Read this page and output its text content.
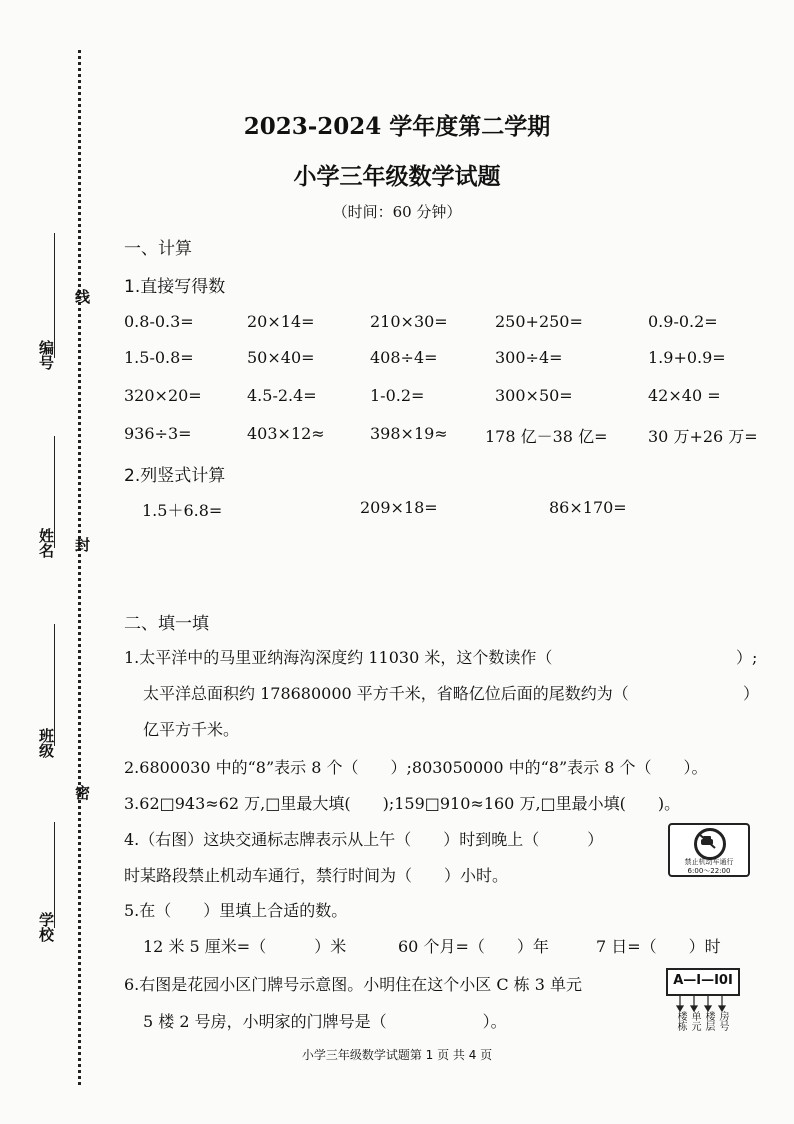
编号
姓名
班级
学校
线
封
密
2023-2024 学年度第二学期
小学三年级数学试题
（时间：60 分钟）
一、计算
1.直接写得数
0.8-0.3=	20×14=	210×30=	250+250=	0.9-0.2=
1.5-0.8=	50×40=	408÷4=	300÷4=	1.9+0.9=
320×20=	4.5-2.4=	1-0.2=	300×50=	42×40 =
936÷3=	403×12≈	398×19≈ 178 亿－38 亿=	30 万+26 万=
2.列竖式计算
1.5＋6.8=	209×18=	86×170=
二、填一填
1.太平洋中的马里亚纳海沟深度约 11030 米，这个数读作（	）;
太平洋总面积约 178680000 平方千米，省略亿位后面的尾数约为（	）
亿平方千米。
2.6800030 中的“8”表示 8 个（　　）;803050000 中的“8”表示 8 个（　　）。
3.62□943≈62 万,□里最大填(　　);159□910≈160 万,□里最小填(　　)。
4.（右图）这块交通标志牌表示从上午（　　）时到晚上（　　　）
时某路段禁止机动车通行，禁行时间为（　　）小时。
5.在（　　）里填上合适的数。
12 米 5 厘米=（　　　）米	60 个月=（　　）年	7 日=（　　）时
6.右图是花园小区门牌号示意图。小明住在这个小区 C 栋 3 单元
5 楼 2 号房，小明家的门牌号是（　　　　　　）。
禁止机动车通行
6:00～22:00
A—I—I0I
楼栋 单元 楼层 房号
小学三年级数学试题第 1 页 共 4 页
